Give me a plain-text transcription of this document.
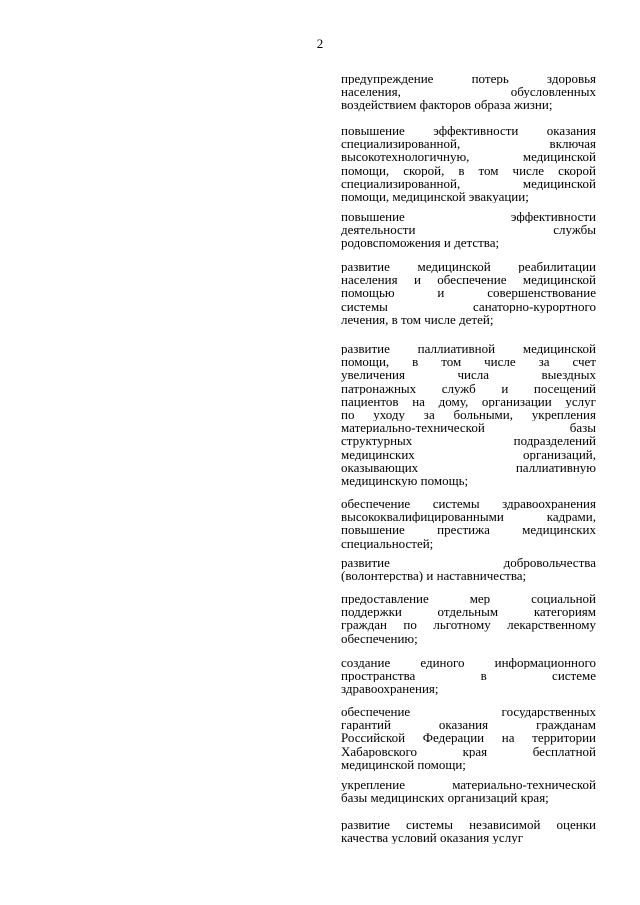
2
предупреждение потерь здоровья
населения, обусловленных
воздействием факторов образа жизни;
повышение эффективности оказания
специализированной, включая
высокотехнологичную, медицинской
помощи, скорой, в том числе скорой
специализированной, медицинской
помощи, медицинской эвакуации;
повышение эффективности
деятельности службы
родовспоможения и детства;
развитие медицинской реабилитации
населения и обеспечение медицинской
помощью и совершенствование
системы санаторно-курортного
лечения, в том числе детей;
развитие паллиативной медицинской
помощи, в том числе за счет
увеличения числа выездных
патронажных служб и посещений
пациентов на дому, организации услуг
по уходу за больными, укрепления
материально-технической базы
структурных подразделений
медицинских организаций,
оказывающих паллиативную
медицинскую помощь;
обеспечение системы здравоохранения
высококвалифицированными кадрами,
повышение престижа медицинских
специальностей;
развитие добровольчества
(волонтерства) и наставничества;
предоставление мер социальной
поддержки отдельным категориям
граждан по льготному лекарственному
обеспечению;
создание единого информационного
пространства в системе
здравоохранения;
обеспечение государственных
гарантий оказания гражданам
Российской Федерации на территории
Хабаровского края бесплатной
медицинской помощи;
укрепление материально-технической
базы медицинских организаций края;
развитие системы независимой оценки
качества условий оказания услуг
